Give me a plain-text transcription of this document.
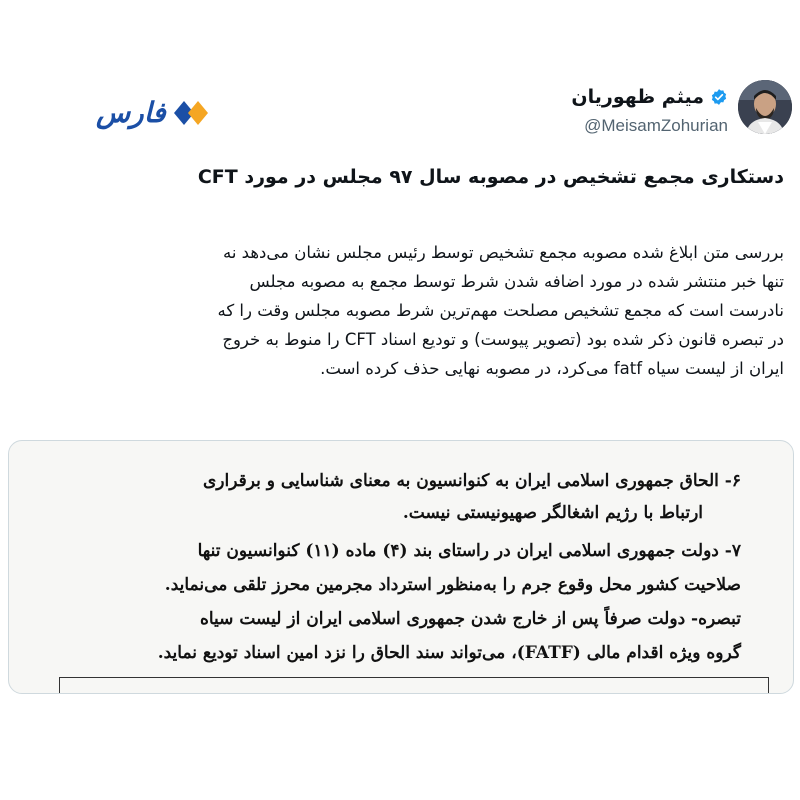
میثم ظهوریان
@MeisamZohurian
فارس
دستکاری مجمع تشخیص در مصوبه سال ۹۷ مجلس در مورد CFT
بررسی متن ابلاغ شده مصوبه مجمع تشخیص توسط رئیس مجلس نشان می‌دهد نه
تنها خبر منتشر شده در مورد اضافه شدن شرط توسط مجمع به مصوبه مجلس
نادرست است که مجمع تشخیص مصلحت مهم‌ترین شرط مصوبه مجلس وقت را که
در تبصره قانون ذکر شده بود (تصویر پیوست) و تودیع اسناد CFT را منوط به خروج
ایران از لیست سیاه fatf می‌کرد، در مصوبه نهایی حذف کرده است.
۶- الحاق جمهوری اسلامی ایران به کنوانسیون به معنای شناسایی و برقراری
ارتباط با رژیم اشغالگر صهیونیستی نیست.
۷- دولت جمهوری اسلامی ایران در راستای بند (۴) ماده (۱۱) کنوانسیون تنها
صلاحیت کشور محل وقوع جرم را به‌منظور استرداد مجرمین محرز تلقی می‌نماید.
تبصره- دولت صرفاً پس از خارج شدن جمهوری اسلامی ایران از لیست سیاه
گروه ویژه اقدام مالی (FATF)، می‌تواند سند الحاق را نزد امین اسناد تودیع نماید.
